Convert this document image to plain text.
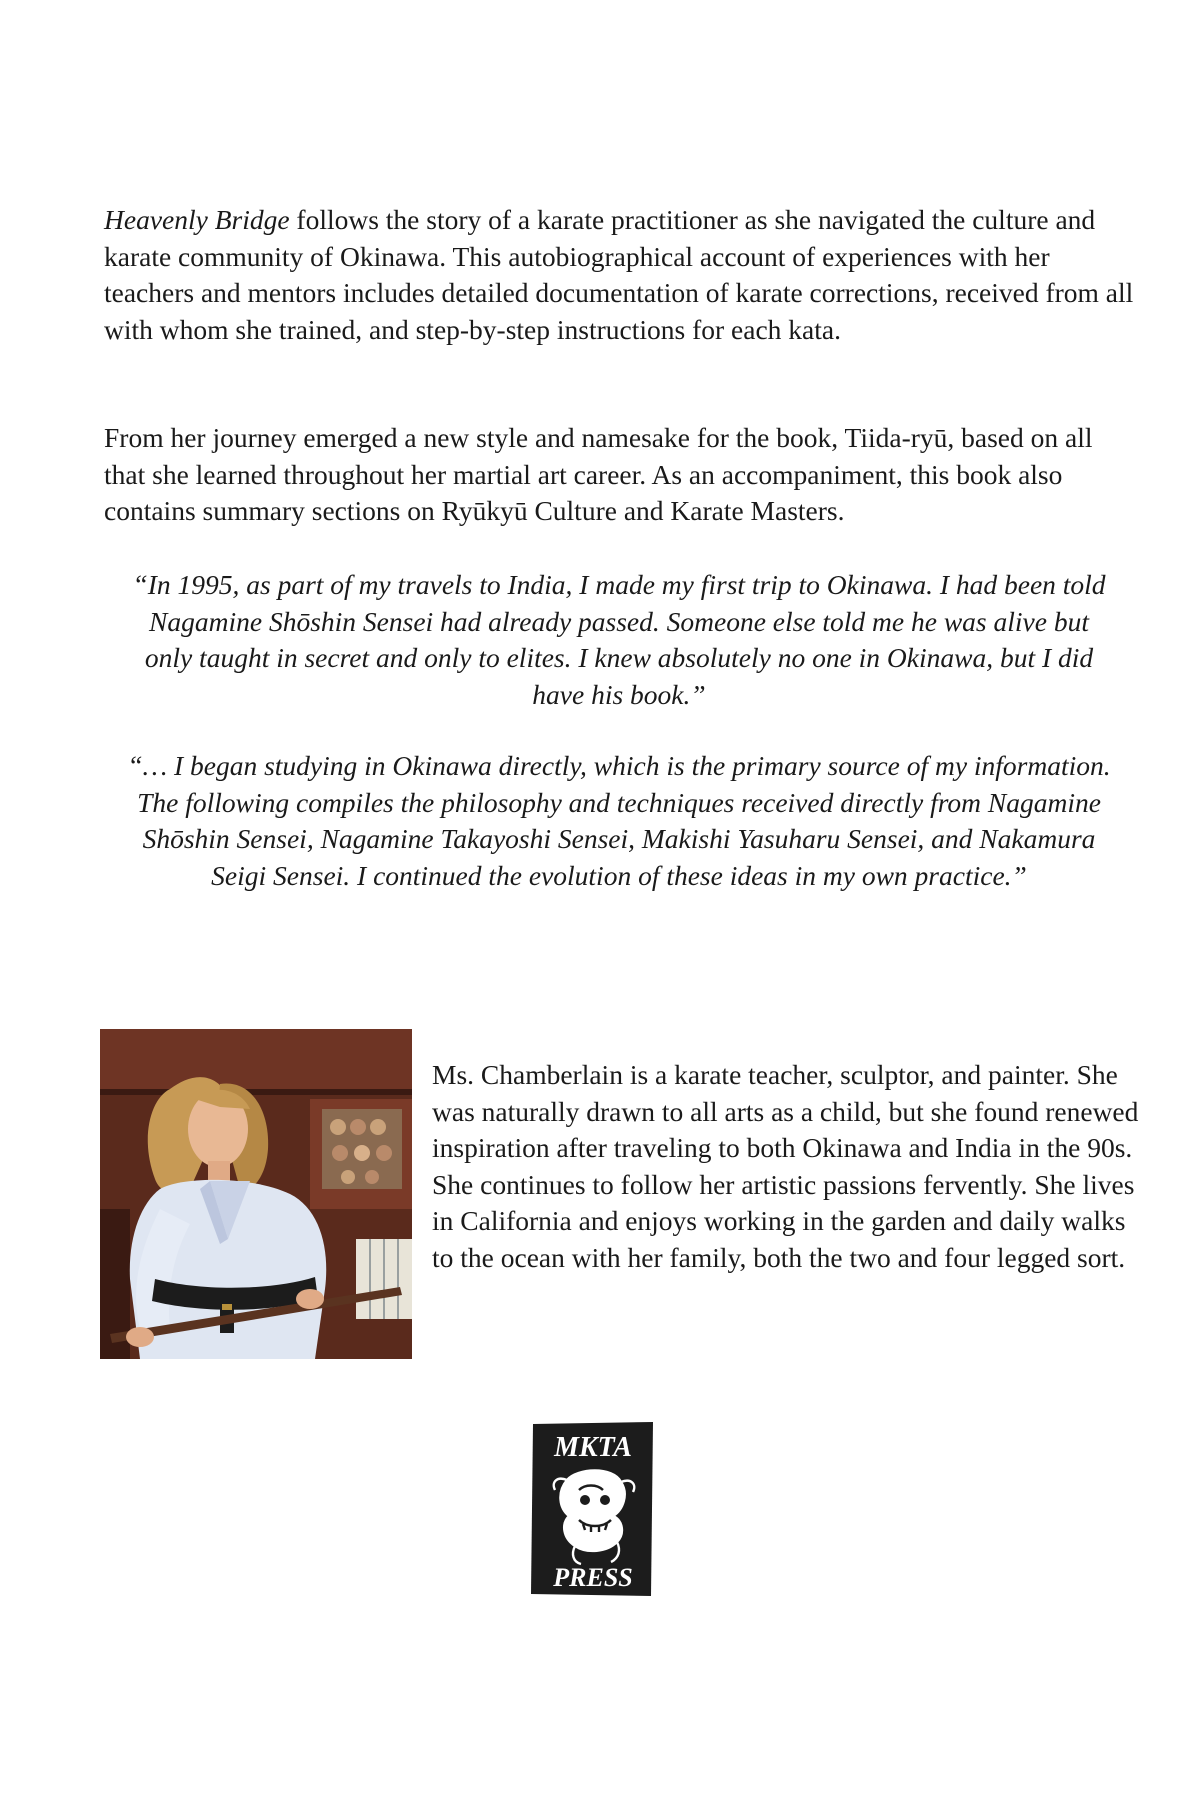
Heavenly Bridge follows the story of a karate practitioner as she navigated the culture and karate community of Okinawa. This autobiographical account of experiences with her teachers and mentors includes detailed documentation of karate corrections, received from all with whom she trained, and step-by-step instructions for each kata.

From her journey emerged a new style and namesake for the book, Tiida-ryū, based on all that she learned throughout her martial art career. As an accompaniment, this book also contains summary sections on Ryūkyū Culture and Karate Masters.

“In 1995, as part of my travels to India, I made my first trip to Okinawa. I had been told Nagamine Shōshin Sensei had already passed. Someone else told me he was alive but only taught in secret and only to elites. I knew absolutely no one in Okinawa, but I did have his book.”

“… I began studying in Okinawa directly, which is the primary source of my information. The following compiles the philosophy and techniques received directly from Nagamine Shōshin Sensei, Nagamine Takayoshi Sensei, Makishi Yasuharu Sensei, and Nakamura Seigi Sensei. I continued the evolution of these ideas in my own practice.”

Ms. Chamberlain is a karate teacher, sculptor, and painter. She was naturally drawn to all arts as a child, but she found renewed inspiration after traveling to both Okinawa and India in the 90s. She continues to follow her artistic passions fervently. She lives in California and enjoys working in the garden and daily walks to the ocean with her family, both the two and four legged sort.

MKTA
PRESS
